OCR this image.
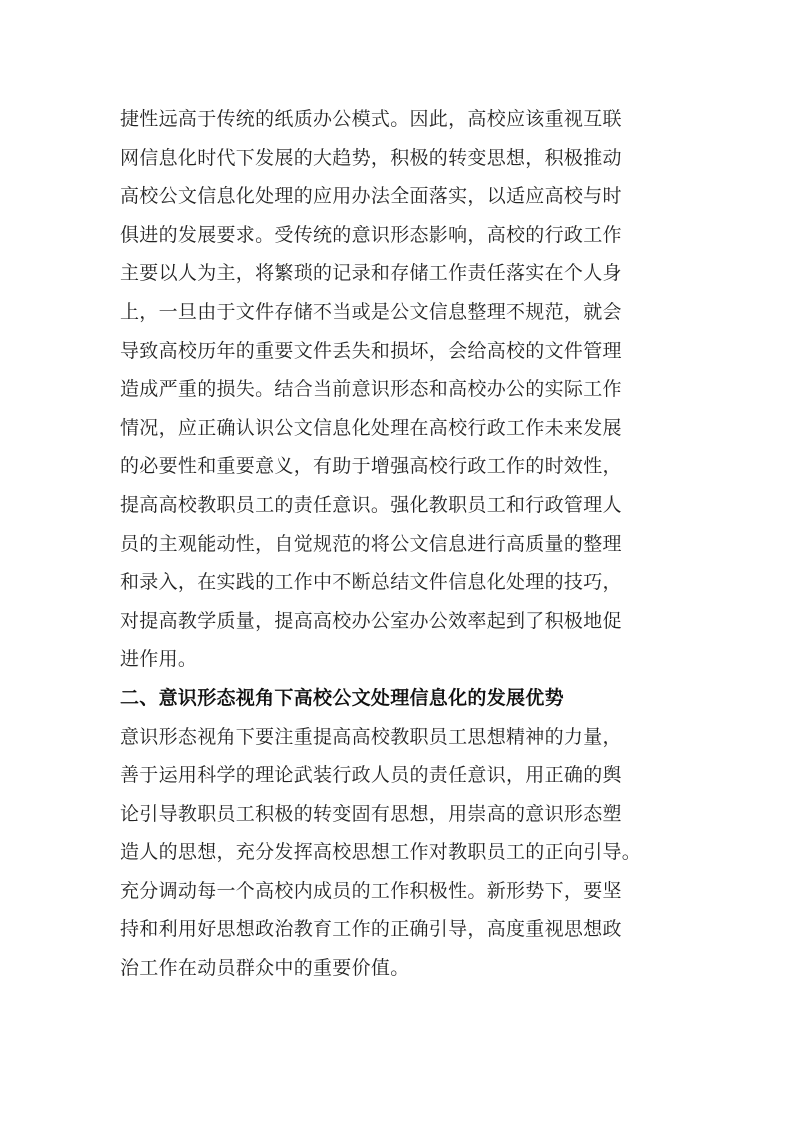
捷性远高于传统的纸质办公模式。因此，高校应该重视互联
网信息化时代下发展的大趋势，积极的转变思想，积极推动
高校公文信息化处理的应用办法全面落实，以适应高校与时
俱进的发展要求。受传统的意识形态影响，高校的行政工作
主要以人为主，将繁琐的记录和存储工作责任落实在个人身
上，一旦由于文件存储不当或是公文信息整理不规范，就会
导致高校历年的重要文件丢失和损坏，会给高校的文件管理
造成严重的损失。结合当前意识形态和高校办公的实际工作
情况，应正确认识公文信息化处理在高校行政工作未来发展
的必要性和重要意义，有助于增强高校行政工作的时效性，
提高高校教职员工的责任意识。强化教职员工和行政管理人
员的主观能动性，自觉规范的将公文信息进行高质量的整理
和录入，在实践的工作中不断总结文件信息化处理的技巧，
对提高教学质量，提高高校办公室办公效率起到了积极地促
进作用。
二、意识形态视角下高校公文处理信息化的发展优势
意识形态视角下要注重提高高校教职员工思想精神的力量，
善于运用科学的理论武装行政人员的责任意识，用正确的舆
论引导教职员工积极的转变固有思想，用崇高的意识形态塑
造人的思想，充分发挥高校思想工作对教职员工的正向引导。
充分调动每一个高校内成员的工作积极性。新形势下，要坚
持和利用好思想政治教育工作的正确引导，高度重视思想政
治工作在动员群众中的重要价值。
